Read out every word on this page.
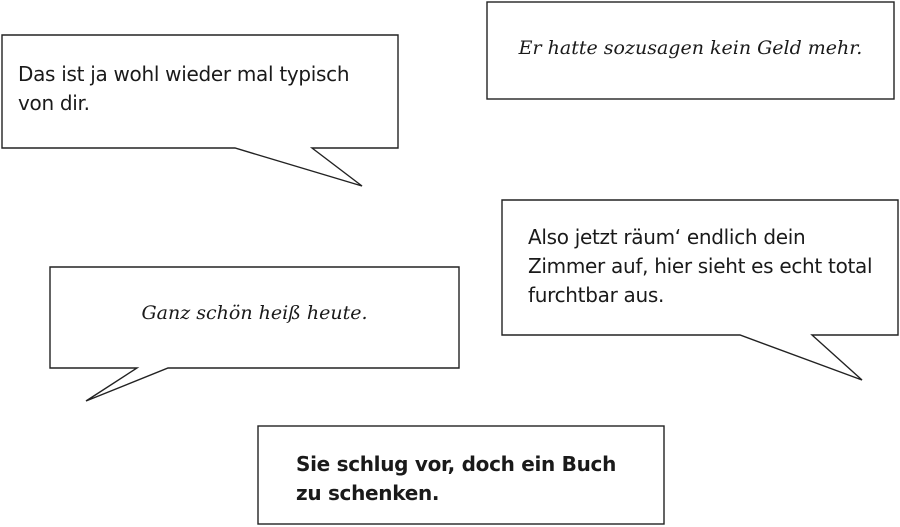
Das ist ja wohl wieder mal typisch von dir.

Er hatte sozusagen kein Geld mehr.

Also jetzt räum‘ endlich dein Zimmer auf, hier sieht es echt total furchtbar aus.

Ganz schön heiß heute.

Sie schlug vor, doch ein Buch zu schenken.
